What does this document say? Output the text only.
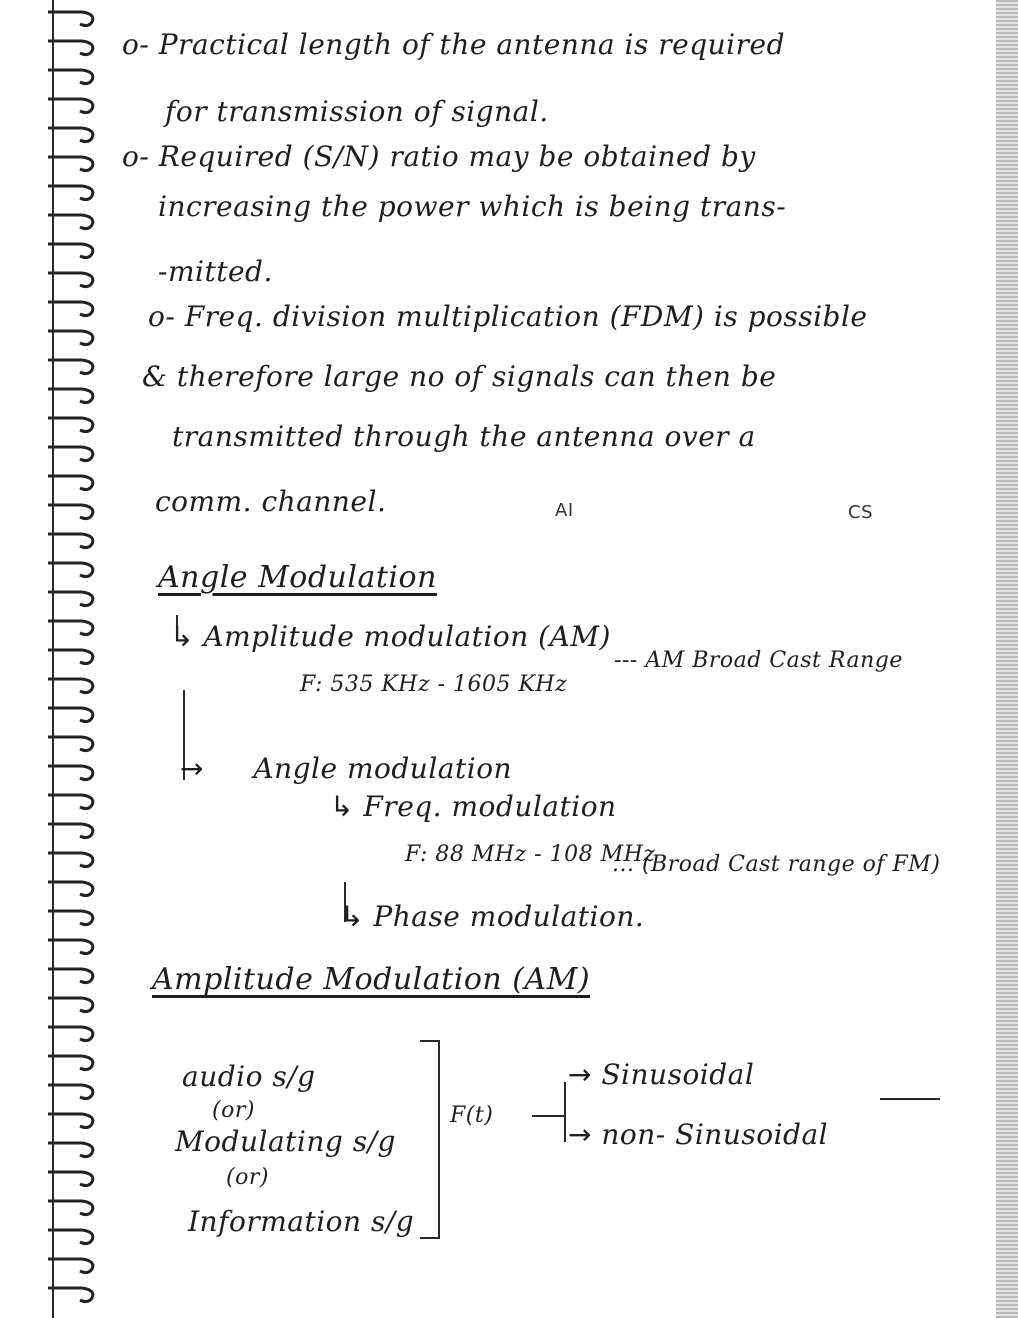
o- Practical length of the antenna is required
for transmission of signal.
o- Required (S/N) ratio may be obtained by
increasing the power which is being trans-
-mitted.
o- Freq. division multiplication (FDM) is possible
& therefore large no of signals can then be
transmitted through the antenna over a
comm. channel.	AI	CS
Angle Modulation
↳ Amplitude modulation (AM)
F: 535 KHz - 1605 KHz
--- AM Broad Cast Range
→ Angle modulation
↳ Freq. modulation
F: 88 MHz - 108 MHz
... (Broad Cast range of FM)
↳ Phase modulation.
Amplitude Modulation (AM)
audio s/g
(or)
Modulating s/g
(or)
Information s/g
F(t)
→ Sinusoidal
→ non- Sinusoidal
